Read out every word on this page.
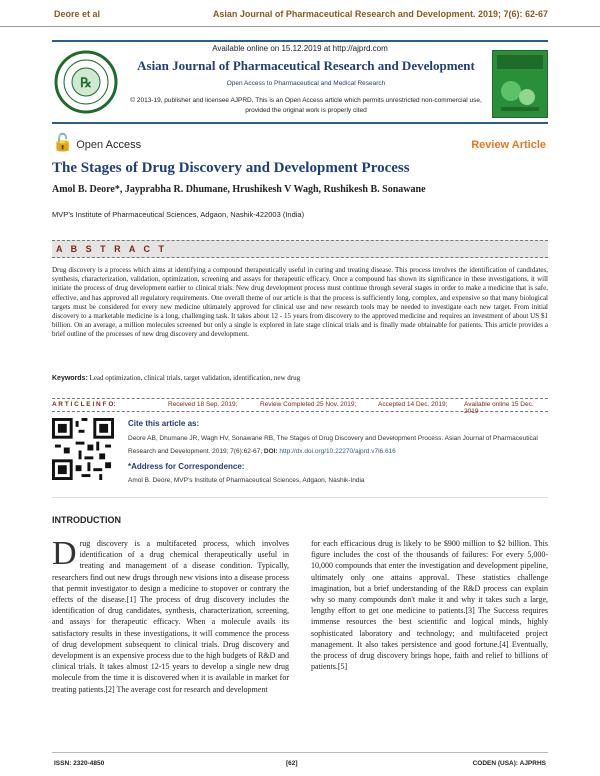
Deore et al	Asian Journal of Pharmaceutical Research and Development. 2019; 7(6): 62-67
Available online on 15.12.2019 at http://ajprd.com
℞
Asian Journal of Pharmaceutical Research and Development
Open Access to Pharmaceutical and Medical Research
© 2013-19, publisher and licensee AJPRD, This is an Open Access article which permits unrestricted non-commercial use, provided the original work is properly cited
🔓 Open Access	Review Article
The Stages of Drug Discovery and Development Process
Amol B. Deore*, Jayprabha R. Dhumane, Hrushikesh V Wagh, Rushikesh B. Sonawane
MVP’s Institute of Pharmaceutical Sciences, Adgaon, Nashik-422003 (India)
A B S T R A C T
Drug discovery is a process which aims at identifying a compound therapeutically useful in curing and treating disease. This process involves the identification of candidates, synthesis, characterization, validation, optimization, screening and assays for therapeutic efficacy. Once a compound has shown its significance in these investigations, it will initiate the process of drug development earlier to clinical trials. New drug development process must continue through several stages in order to make a medicine that is safe, effective, and has approved all regulatory requirements. One overall theme of our article is that the process is sufficiently long, complex, and expensive so that many biological targets must be considered for every new medicine ultimately approved for clinical use and new research tools may be needed to investigate each new target. From initial discovery to a marketable medicine is a long, challenging task. It takes about 12 - 15 years from discovery to the approved medicine and requires an investment of about US $1 billion. On an average, a million molecules screened but only a single is explored in late stage clinical trials and is finally made obtainable for patients. This article provides a brief outline of the processes of new drug discovery and development.
Keywords: Lead optimization, clinical trials, target validation, identification, new drug
A R T I C L E I N F O:	Received 18 Sep. 2019;	Review Completed 25 Nov. 2019;	Accepted 14 Dec. 2019;	Available online 15 Dec. 2019
Cite this article as:
Deore AB, Dhumane JR, Wagh HV, Sonawane RB, The Stages of Drug Discovery and Development Process. Asian Journal of Pharmaceutical Research and Development. 2019; 7(6):62-67, DOI: http://dx.doi.org/10.22270/ajprd.v7i6.616
*Address for Correspondence:
Amol B. Deore, MVP’s Institute of Pharmaceutical Sciences, Adgaon, Nashik-India
INTRODUCTION
D rug discovery is a multifaceted process, which involves identification of a drug chemical therapeutically useful in treating and management of a disease condition. Typically, researchers find out new drugs through new visions into a disease process that permit investigator to design a medicine to stopover or contrary the effects of the disease.[1] The process of drug discovery includes the identification of drug candidates, synthesis, characterization, screening, and assays for therapeutic efficacy. When a molecule avails its satisfactory results in these investigations, it will commence the process of drug development subsequent to clinical trials. Drug discovery and development is an expensive process due to the high budgets of R&D and clinical trials. It takes almost 12-15 years to develop a single new drug molecule from the time it is discovered when it is available in market for treating patients.[2] The average cost for research and development
for each efficacious drug is likely to be $900 million to $2 billion. This figure includes the cost of the thousands of failures: For every 5,000-10,000 compounds that enter the investigation and development pipeline, ultimately only one attains approval. These statistics challenge imagination, but a brief understanding of the R&D process can explain why so many compounds don't make it and why it takes such a large, lengthy effort to get one medicine to patients.[3] The Success requires immense resources the best scientific and logical minds, highly sophisticated laboratory and technology; and multifaceted project management. It also takes persistence and good fortune.[4] Eventually, the process of drug discovery brings hope, faith and relief to billions of patients.[5]
ISSN: 2320-4850	[62]	CODEN (USA): AJPRHS
